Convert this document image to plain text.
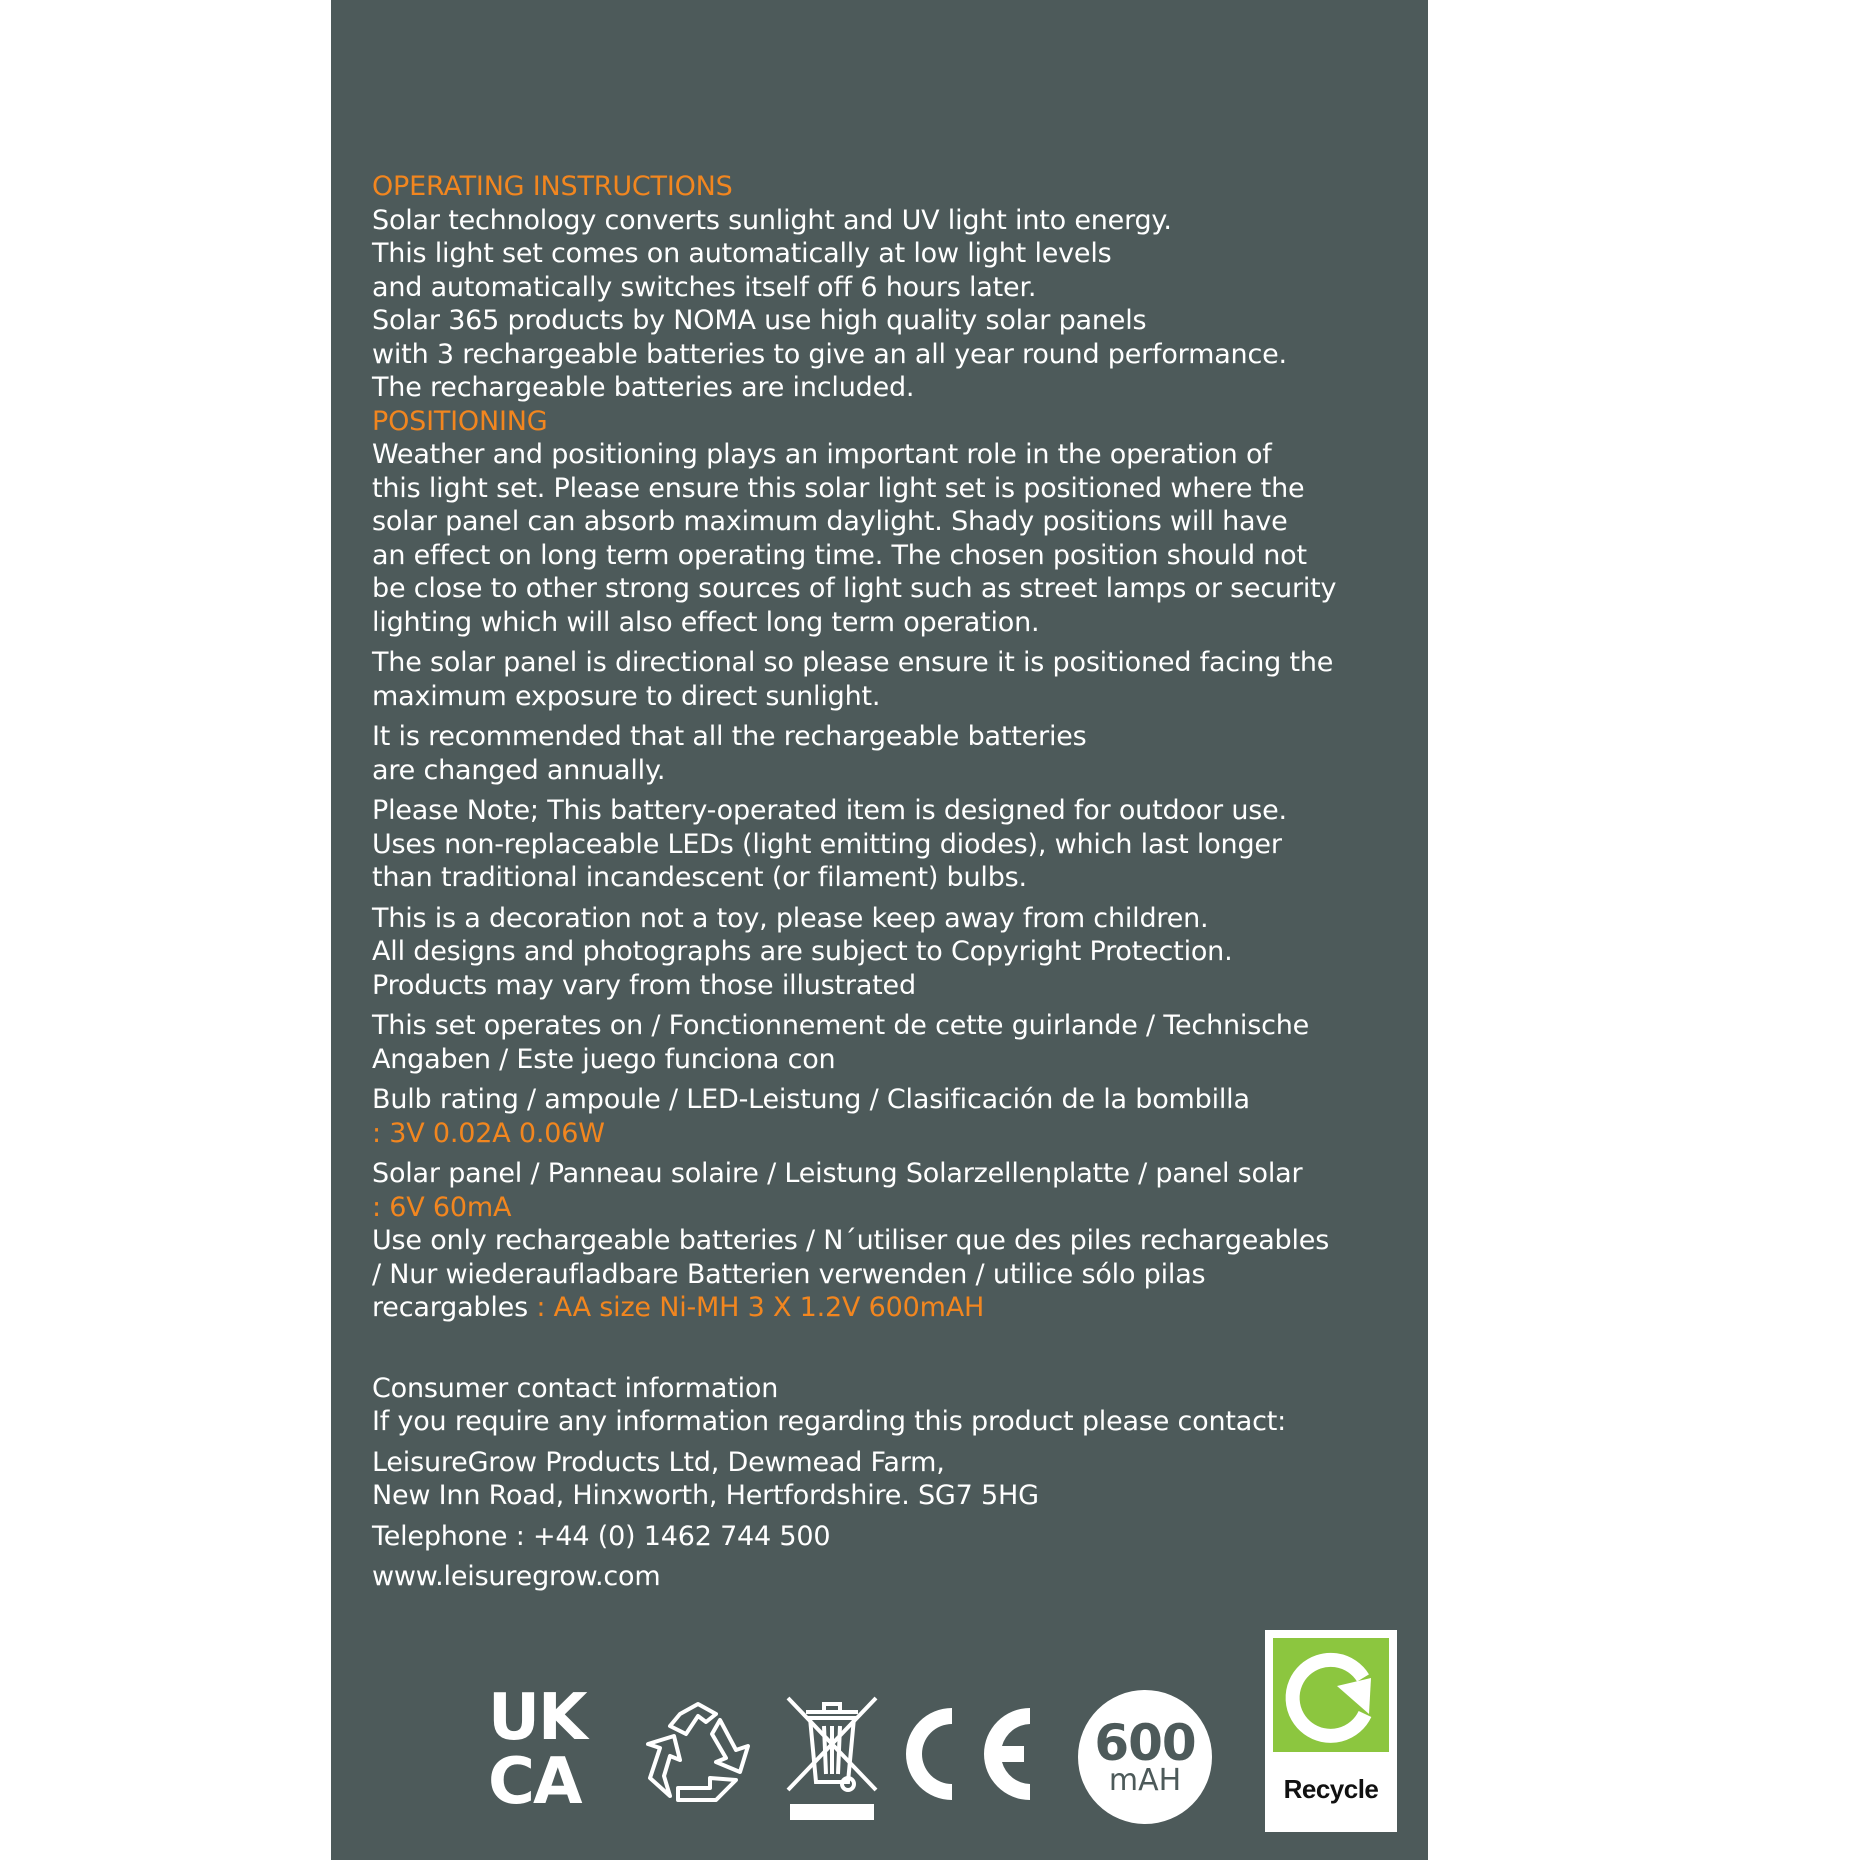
OPERATING INSTRUCTIONS
Solar technology converts sunlight and UV light into energy.
This light set comes on automatically at low light levels
and automatically switches itself off 6 hours later.
Solar 365 products by NOMA use high quality solar panels
with 3 rechargeable batteries to give an all year round performance.
The rechargeable batteries are included.
POSITIONING
Weather and positioning plays an important role in the operation of
this light set. Please ensure this solar light set is positioned where the
solar panel can absorb maximum daylight. Shady positions will have
an effect on long term operating time. The chosen position should not
be close to other strong sources of light such as street lamps or security
lighting which will also effect long term operation.
The solar panel is directional so please ensure it is positioned facing the
maximum exposure to direct sunlight.
It is recommended that all the rechargeable batteries
are changed annually.
Please Note; This battery-operated item is designed for outdoor use.
Uses non-replaceable LEDs (light emitting diodes), which last longer
than traditional incandescent (or filament) bulbs.
This is a decoration not a toy, please keep away from children.
All designs and photographs are subject to Copyright Protection.
Products may vary from those illustrated
This set operates on / Fonctionnement de cette guirlande / Technische
Angaben / Este juego funciona con
Bulb rating / ampoule / LED-Leistung / Clasificación de la bombilla
: 3V 0.02A 0.06W
Solar panel / Panneau solaire / Leistung Solarzellenplatte / panel solar
: 6V 60mA
Use only rechargeable batteries / N´utiliser que des piles rechargeables
/ Nur wiederaufladbare Batterien verwenden / utilice sólo pilas
recargables : AA size Ni-MH 3 X 1.2V 600mAH
Consumer contact information
If you require any information regarding this product please contact:
LeisureGrow Products Ltd, Dewmead Farm,
New Inn Road, Hinxworth, Hertfordshire. SG7 5HG
Telephone : +44 (0) 1462 744 500
www.leisuregrow.com
UK
CA
600
mAH	Recycle
